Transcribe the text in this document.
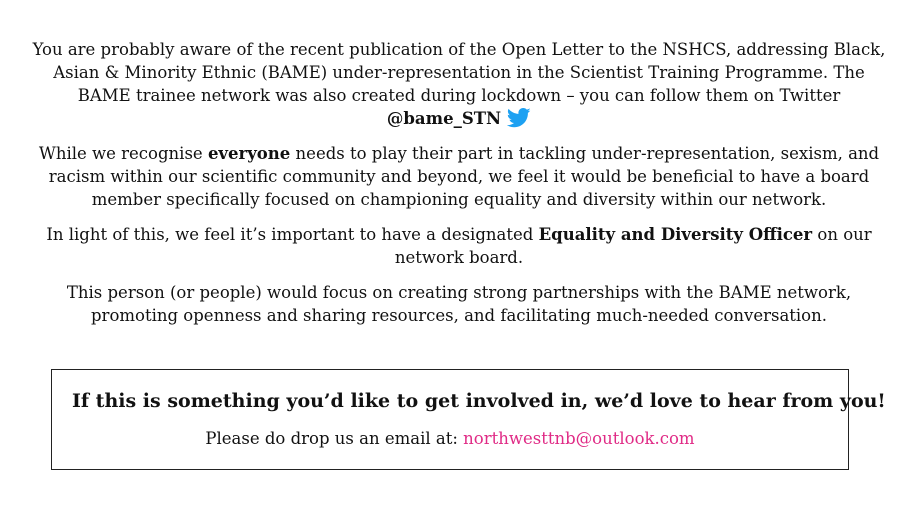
You are probably aware of the recent publication of the Open Letter to the NSHCS, addressing Black, Asian & Minority Ethnic (BAME) under-representation in the Scientist Training Programme. The BAME trainee network was also created during lockdown – you can follow them on Twitter @bame_STN

While we recognise everyone needs to play their part in tackling under-representation, sexism, and racism within our scientific community and beyond, we feel it would be beneficial to have a board member specifically focused on championing equality and diversity within our network.

In light of this, we feel it’s important to have a designated Equality and Diversity Officer on our network board.

This person (or people) would focus on creating strong partnerships with the BAME network, promoting openness and sharing resources, and facilitating much-needed conversation.

If this is something you’d like to get involved in, we’d love to hear from you!
Please do drop us an email at: northwesttnb@outlook.com
